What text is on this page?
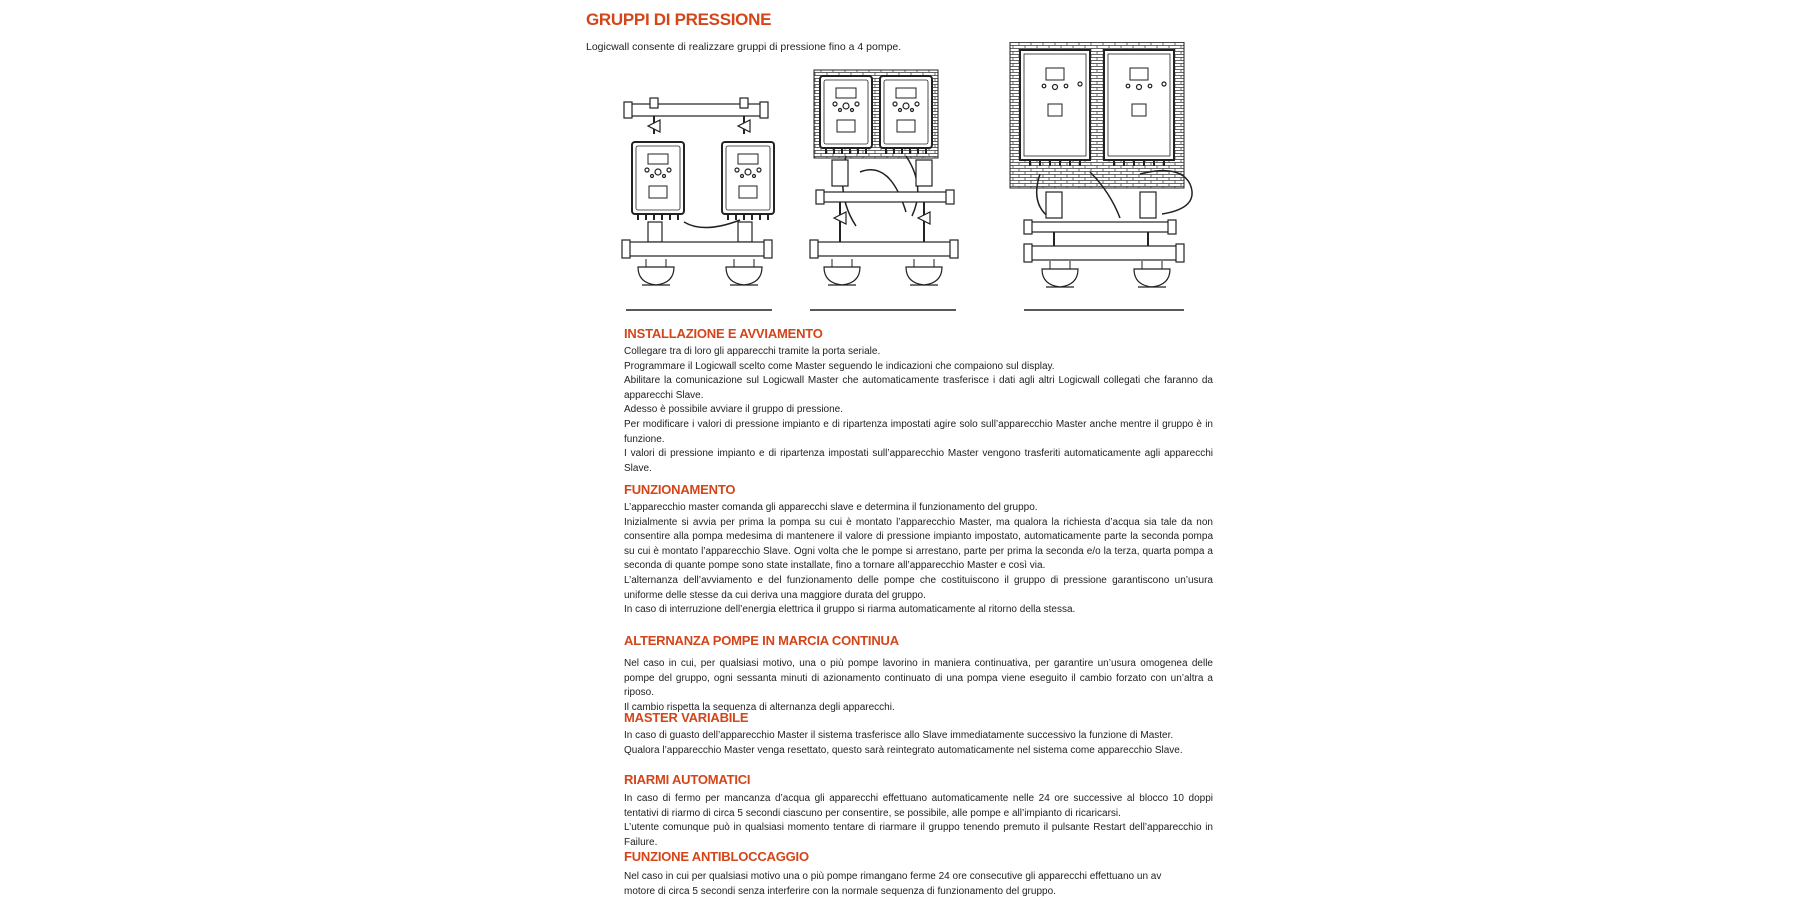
GRUPPI DI PRESSIONE
Logicwall consente di realizzare gruppi di pressione fino a 4 pompe.
INSTALLAZIONE E AVVIAMENTO

Collegare tra di loro gli apparecchi tramite la porta seriale.

Programmare il Logicwall scelto come Master seguendo le indicazioni che compaiono sul display.

Abilitare la comunicazione sul Logicwall Master che automaticamente trasferisce i dati agli altri Logicwall collegati che faranno da apparecchi Slave.

Adesso è possibile avviare il gruppo di pressione.

Per modificare i valori di pressione impianto e di ripartenza impostati agire solo sull’apparecchio Master anche mentre il gruppo è in funzione.

I valori di pressione impianto e di ripartenza impostati sull’apparecchio Master vengono trasferiti automaticamente agli apparecchi Slave.

FUNZIONAMENTO

L’apparecchio master comanda gli apparecchi slave e determina il funzionamento del gruppo.

Inizialmente si avvia per prima la pompa su cui è montato l’apparecchio Master, ma qualora la richiesta d’acqua sia tale da non consentire alla pompa medesima di mantenere il valore di pressione impianto impostato, automaticamente parte la seconda pompa su cui è montato l’apparecchio Slave. Ogni volta che le pompe si arrestano, parte per prima la seconda e/o la terza, quarta pompa a seconda di quante pompe sono state installate, fino a tornare all’apparecchio Master e così via.

L’alternanza dell’avviamento e del funzionamento delle pompe che costituiscono il gruppo di pressione garantiscono un’usura uniforme delle stesse da cui deriva una maggiore durata del gruppo.

In caso di interruzione dell’energia elettrica il gruppo si riarma automaticamente al ritorno della stessa.

ALTERNANZA POMPE IN MARCIA CONTINUA

Nel caso in cui, per qualsiasi motivo, una o più pompe lavorino in maniera continuativa, per garantire un’usura omogenea delle pompe del gruppo, ogni sessanta minuti di azionamento continuato di una pompa viene eseguito il cambio forzato con un’altra a riposo.

Il cambio rispetta la sequenza di alternanza degli apparecchi.

MASTER VARIABILE

In caso di guasto dell’apparecchio Master il sistema trasferisce allo Slave immediatamente successivo la funzione di Master.

Qualora l’apparecchio Master venga resettato, questo sarà reintegrato automaticamente nel sistema come apparecchio Slave.

RIARMI AUTOMATICI

In caso di fermo per mancanza d’acqua gli apparecchi effettuano automaticamente nelle 24 ore successive al blocco 10 doppi tentativi di riarmo di circa 5 secondi ciascuno per consentire, se possibile, alle pompe e all’impianto di ricaricarsi.

L’utente comunque può in qualsiasi momento tentare di riarmare il gruppo tenendo premuto il pulsante Restart dell’apparecchio in Failure.

FUNZIONE ANTIBLOCCAGGIO

Nel caso in cui per qualsiasi motivo una o più pompe rimangano ferme 24 ore consecutive gli apparecchi effettuano un av

motore di circa 5 secondi senza interferire con la normale sequenza di funzionamento del gruppo.
